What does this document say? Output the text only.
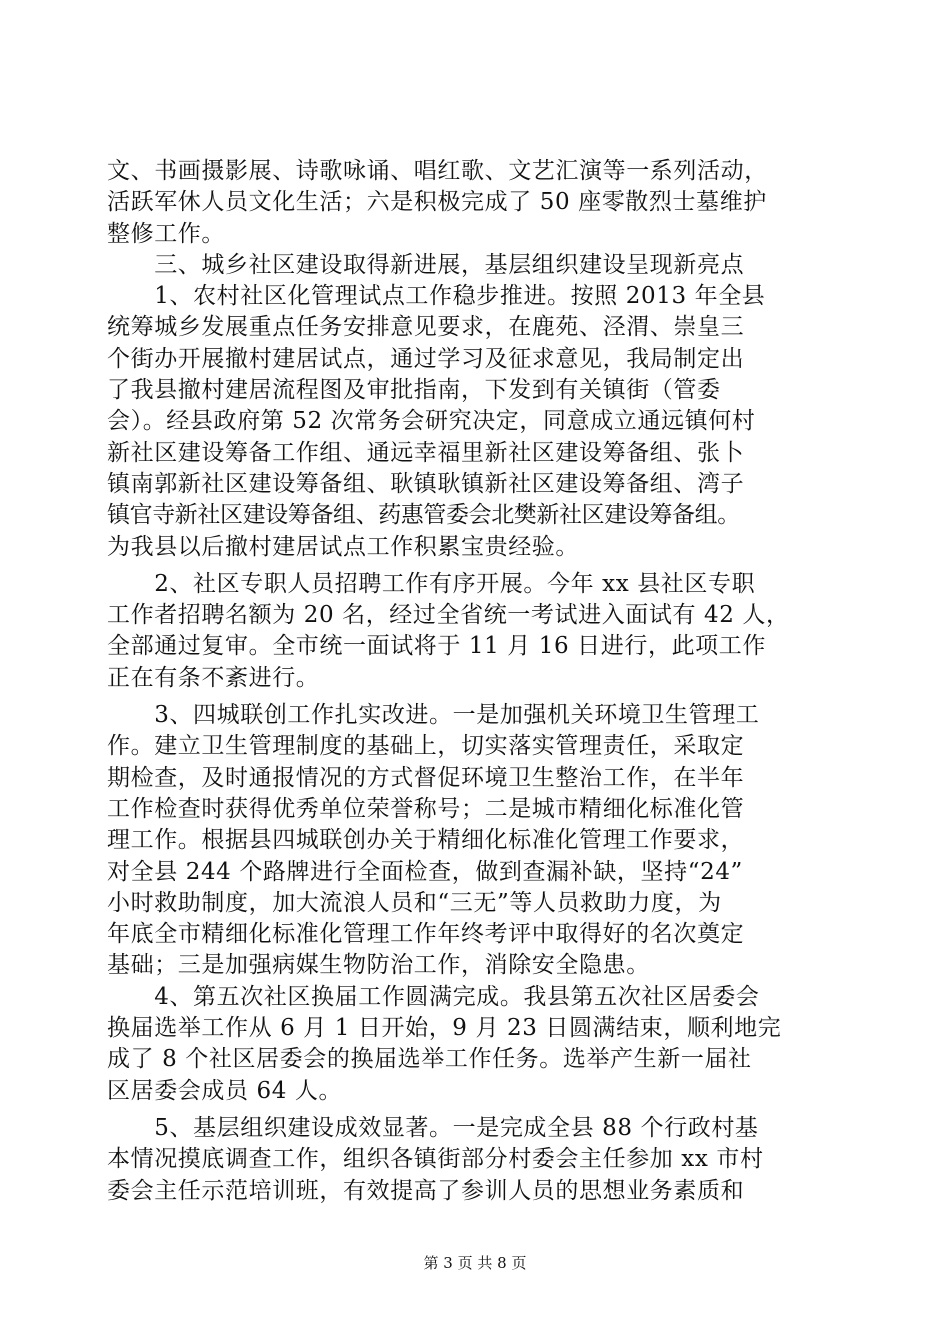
文、书画摄影展、诗歌咏诵、唱红歌、文艺汇演等一系列活动，
活跃军休人员文化生活；六是积极完成了 50 座零散烈士墓维护
整修工作。
　　三、城乡社区建设取得新进展，基层组织建设呈现新亮点
　　1、农村社区化管理试点工作稳步推进。按照 2013 年全县
统筹城乡发展重点任务安排意见要求，在鹿苑、泾渭、崇皇三
个街办开展撤村建居试点，通过学习及征求意见，我局制定出
了我县撤村建居流程图及审批指南，下发到有关镇街（管委
会）。经县政府第 52 次常务会研究决定，同意成立通远镇何村
新社区建设筹备工作组、通远幸福里新社区建设筹备组、张卜
镇南郭新社区建设筹备组、耿镇耿镇新社区建设筹备组、湾子
镇官寺新社区建设筹备组、药惠管委会北樊新社区建设筹备组。
为我县以后撤村建居试点工作积累宝贵经验。
　　2、社区专职人员招聘工作有序开展。今年 xx 县社区专职
工作者招聘名额为 20 名，经过全省统一考试进入面试有 42 人，
全部通过复审。全市统一面试将于 11 月 16 日进行，此项工作
正在有条不紊进行。
　　3、四城联创工作扎实改进。一是加强机关环境卫生管理工
作。建立卫生管理制度的基础上，切实落实管理责任，采取定
期检查，及时通报情况的方式督促环境卫生整治工作，在半年
工作检查时获得优秀单位荣誉称号；二是城市精细化标准化管
理工作。根据县四城联创办关于精细化标准化管理工作要求，
对全县 244 个路牌进行全面检查，做到查漏补缺，坚持“24”
小时救助制度，加大流浪人员和“三无”等人员救助力度，为
年底全市精细化标准化管理工作年终考评中取得好的名次奠定
基础；三是加强病媒生物防治工作，消除安全隐患。
　　4、第五次社区换届工作圆满完成。我县第五次社区居委会
换届选举工作从 6 月 1 日开始，9 月 23 日圆满结束，顺利地完
成了 8 个社区居委会的换届选举工作任务。选举产生新一届社
区居委会成员 64 人。
　　5、基层组织建设成效显著。一是完成全县 88 个行政村基
本情况摸底调查工作，组织各镇街部分村委会主任参加 xx 市村
委会主任示范培训班，有效提高了参训人员的思想业务素质和
第 3 页 共 8 页
